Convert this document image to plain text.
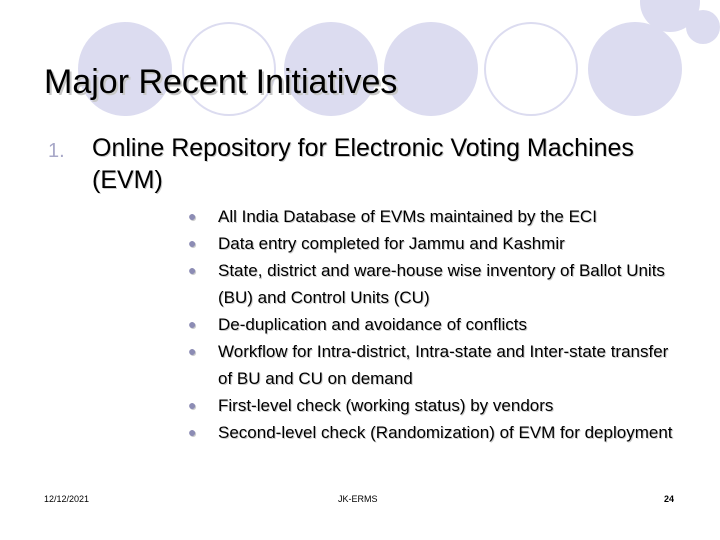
Major Recent Initiatives
1. Online Repository for Electronic Voting Machines (EVM)
● All India Database of EVMs maintained by the ECI
● Data entry completed for Jammu and Kashmir
● State, district and ware-house wise inventory of Ballot Units (BU) and Control Units (CU)
● De-duplication and avoidance of conflicts
● Workflow for Intra-district, Intra-state and Inter-state transfer of BU and CU on demand
● First-level check (working status) by vendors
● Second-level check (Randomization) of EVM for deployment
12/12/2021	JK-ERMS	24
